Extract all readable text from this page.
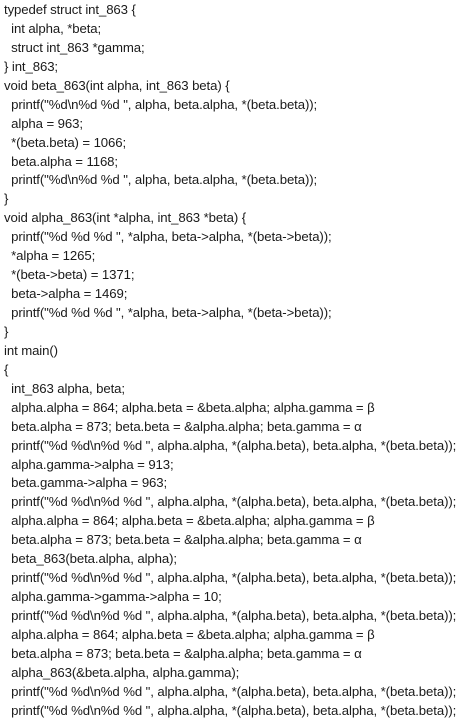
typedef struct int_863 {
int alpha, *beta;
struct int_863 *gamma;
} int_863;
void beta_863(int alpha, int_863 beta) {
printf("%d\n%d %d ", alpha, beta.alpha, *(beta.beta));
alpha = 963;
*(beta.beta) = 1066;
beta.alpha = 1168;
printf("%d\n%d %d ", alpha, beta.alpha, *(beta.beta));
}
void alpha_863(int *alpha, int_863 *beta) {
printf("%d %d %d ", *alpha, beta->alpha, *(beta->beta));
*alpha = 1265;
*(beta->beta) = 1371;
beta->alpha = 1469;
printf("%d %d %d ", *alpha, beta->alpha, *(beta->beta));
}
int main()
{
int_863 alpha, beta;
alpha.alpha = 864; alpha.beta = &beta.alpha; alpha.gamma = β
beta.alpha = 873; beta.beta = &alpha.alpha; beta.gamma = α
printf("%d %d\n%d %d ", alpha.alpha, *(alpha.beta), beta.alpha, *(beta.beta));
alpha.gamma->alpha = 913;
beta.gamma->alpha = 963;
printf("%d %d\n%d %d ", alpha.alpha, *(alpha.beta), beta.alpha, *(beta.beta));
alpha.alpha = 864; alpha.beta = &beta.alpha; alpha.gamma = β
beta.alpha = 873; beta.beta = &alpha.alpha; beta.gamma = α
beta_863(beta.alpha, alpha);
printf("%d %d\n%d %d ", alpha.alpha, *(alpha.beta), beta.alpha, *(beta.beta));
alpha.gamma->gamma->alpha = 10;
printf("%d %d\n%d %d ", alpha.alpha, *(alpha.beta), beta.alpha, *(beta.beta));
alpha.alpha = 864; alpha.beta = &beta.alpha; alpha.gamma = β
beta.alpha = 873; beta.beta = &alpha.alpha; beta.gamma = α
alpha_863(&beta.alpha, alpha.gamma);
printf("%d %d\n%d %d ", alpha.alpha, *(alpha.beta), beta.alpha, *(beta.beta));
printf("%d %d\n%d %d ", alpha.alpha, *(alpha.beta), beta.alpha, *(beta.beta));
